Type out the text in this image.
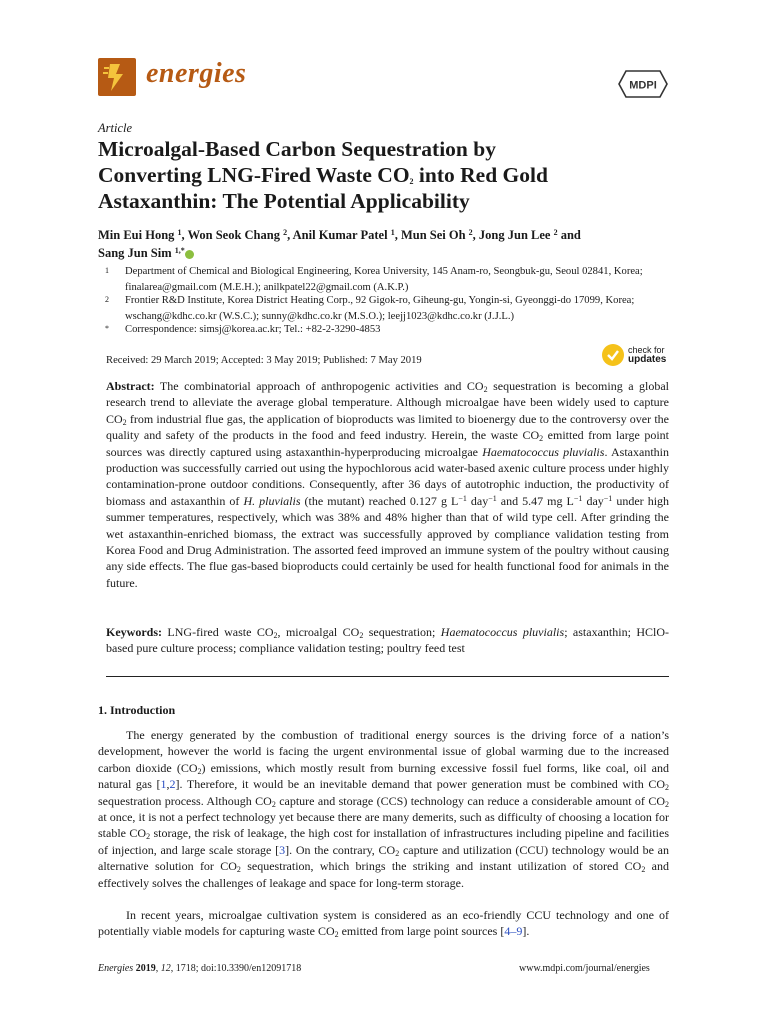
energies	MDPI
Article
Microalgal-Based Carbon Sequestration by
Converting LNG-Fired Waste $CO_2$ into Red Gold
Astaxanthin: The Potential Applicability
Min Eui Hong $^1$, Won Seok Chang $^2$, Anil Kumar Patel $^1$, Mun Sei Oh $^2$, Jong Jun Lee $^2$ and
Sang Jun Sim $^{1,*}$
1 Department of Chemical and Biological Engineering, Korea University, 145 Anam-ro, Seongbuk-gu, Seoul 02841, Korea; finalarea@gmail.com (M.E.H.); anilkpatel22@gmail.com (A.K.P.)
2 Frontier R&D Institute, Korea District Heating Corp., 92 Gigok-ro, Giheung-gu, Yongin-si, Gyeonggi-do 17099, Korea; wschang@kdhc.co.kr (W.S.C.); sunny@kdhc.co.kr (M.S.O.); leejj1023@kdhc.co.kr (J.J.L.)
* Correspondence: simsj@korea.ac.kr; Tel.: +82-2-3290-4853
Received: 29 March 2019; Accepted: 3 May 2019; Published: 7 May 2019
check for
updates
Abstract: The combinatorial approach of anthropogenic activities and $CO_2$ sequestration is becoming a global research trend to alleviate the average global temperature. Although microalgae have been widely used to capture $CO_2$ from industrial flue gas, the application of bioproducts was limited to bioenergy due to the controversy over the quality and safety of the products in the food and feed industry. Herein, the waste $CO_2$ emitted from large point sources was directly captured using astaxanthin-hyperproducing microalgae Haematococcus pluvialis. Astaxanthin production was successfully carried out using the hypochlorous acid water-based axenic culture process under highly contamination-prone outdoor conditions. Consequently, after 36 days of autotrophic induction, the productivity of biomass and astaxanthin of H. pluvialis (the mutant) reached 0.127 g $L^{-1}$ day$^{-1}$ and 5.47 mg $L^{-1}$ day$^{-1}$ under high summer temperatures, respectively, which was 38% and 48% higher than that of wild type cell. After grinding the wet astaxanthin-enriched biomass, the extract was successfully approved by compliance validation testing from Korea Food and Drug Administration. The assorted feed improved an immune system of the poultry without causing any side effects. The flue gas-based bioproducts could certainly be used for health functional food for animals in the future.
Keywords: LNG-fired waste $CO_2$, microalgal $CO_2$ sequestration; Haematococcus pluvialis; astaxanthin; HClO-based pure culture process; compliance validation testing; poultry feed test
1. Introduction
The energy generated by the combustion of traditional energy sources is the driving force of a nation’s development, however the world is facing the urgent environmental issue of global warming due to the increased carbon dioxide $(CO_2)$ emissions, which mostly result from burning excessive fossil fuel forms, like coal, oil and natural gas [1,2]. Therefore, it would be an inevitable demand that power generation must be combined with $CO_2$ sequestration process. Although $CO_2$ capture and storage (CCS) technology can reduce a considerable amount of $CO_2$ at once, it is not a perfect technology yet because there are many demerits, such as difficulty of choosing a location for stable $CO_2$ storage, the risk of leakage, the high cost for installation of infrastructures including pipeline and facilities of injection, and large scale storage [3]. On the contrary, $CO_2$ capture and utilization (CCU) technology would be an alternative solution for $CO_2$ sequestration, which brings the striking and instant utilization of stored $CO_2$ and effectively solves the challenges of leakage and space for long-term storage.
In recent years, microalgae cultivation system is considered as an eco-friendly CCU technology and one of potentially viable models for capturing waste $CO_2$ emitted from large point sources [4–9].
Energies 2019, 12, 1718; doi:10.3390/en12091718	www.mdpi.com/journal/energies
